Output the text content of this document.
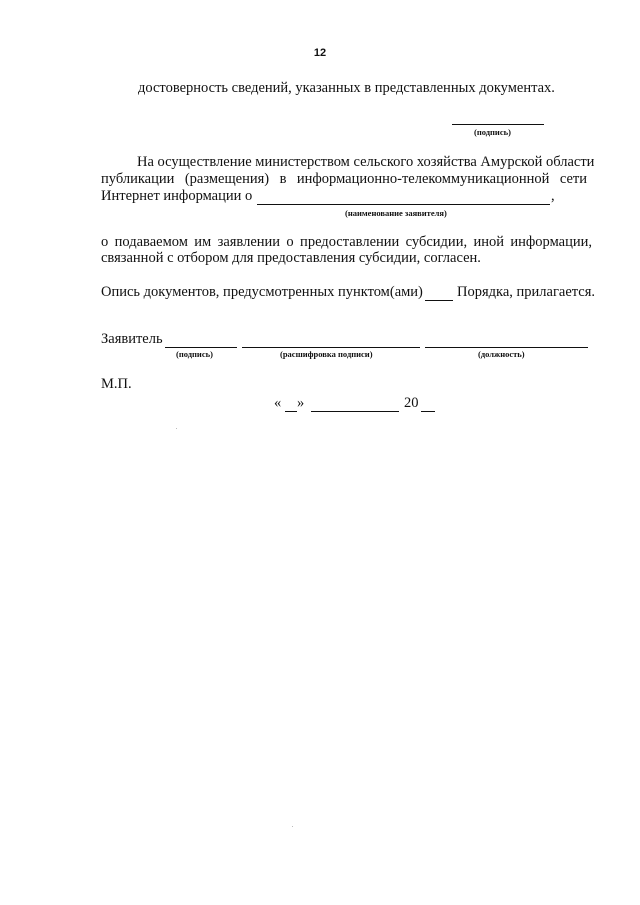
12
достоверность сведений, указанных в представленных документах.
(подпись)
На осуществление министерством сельского хозяйства Амурской области
публикации (размещения) в информационно-телекоммуникационной сети
Интернет информации о	,
(наименование заявителя)
о подаваемом им заявлении о предоставлении субсидии, иной информации,
связанной с отбором для предоставления субсидии, согласен.
Опись документов, предусмотренных пунктом(ами) Порядка, прилагается.
Заявитель
(подпись)	(расшифровка подписи)	(должность)
М.П.
« »	20
